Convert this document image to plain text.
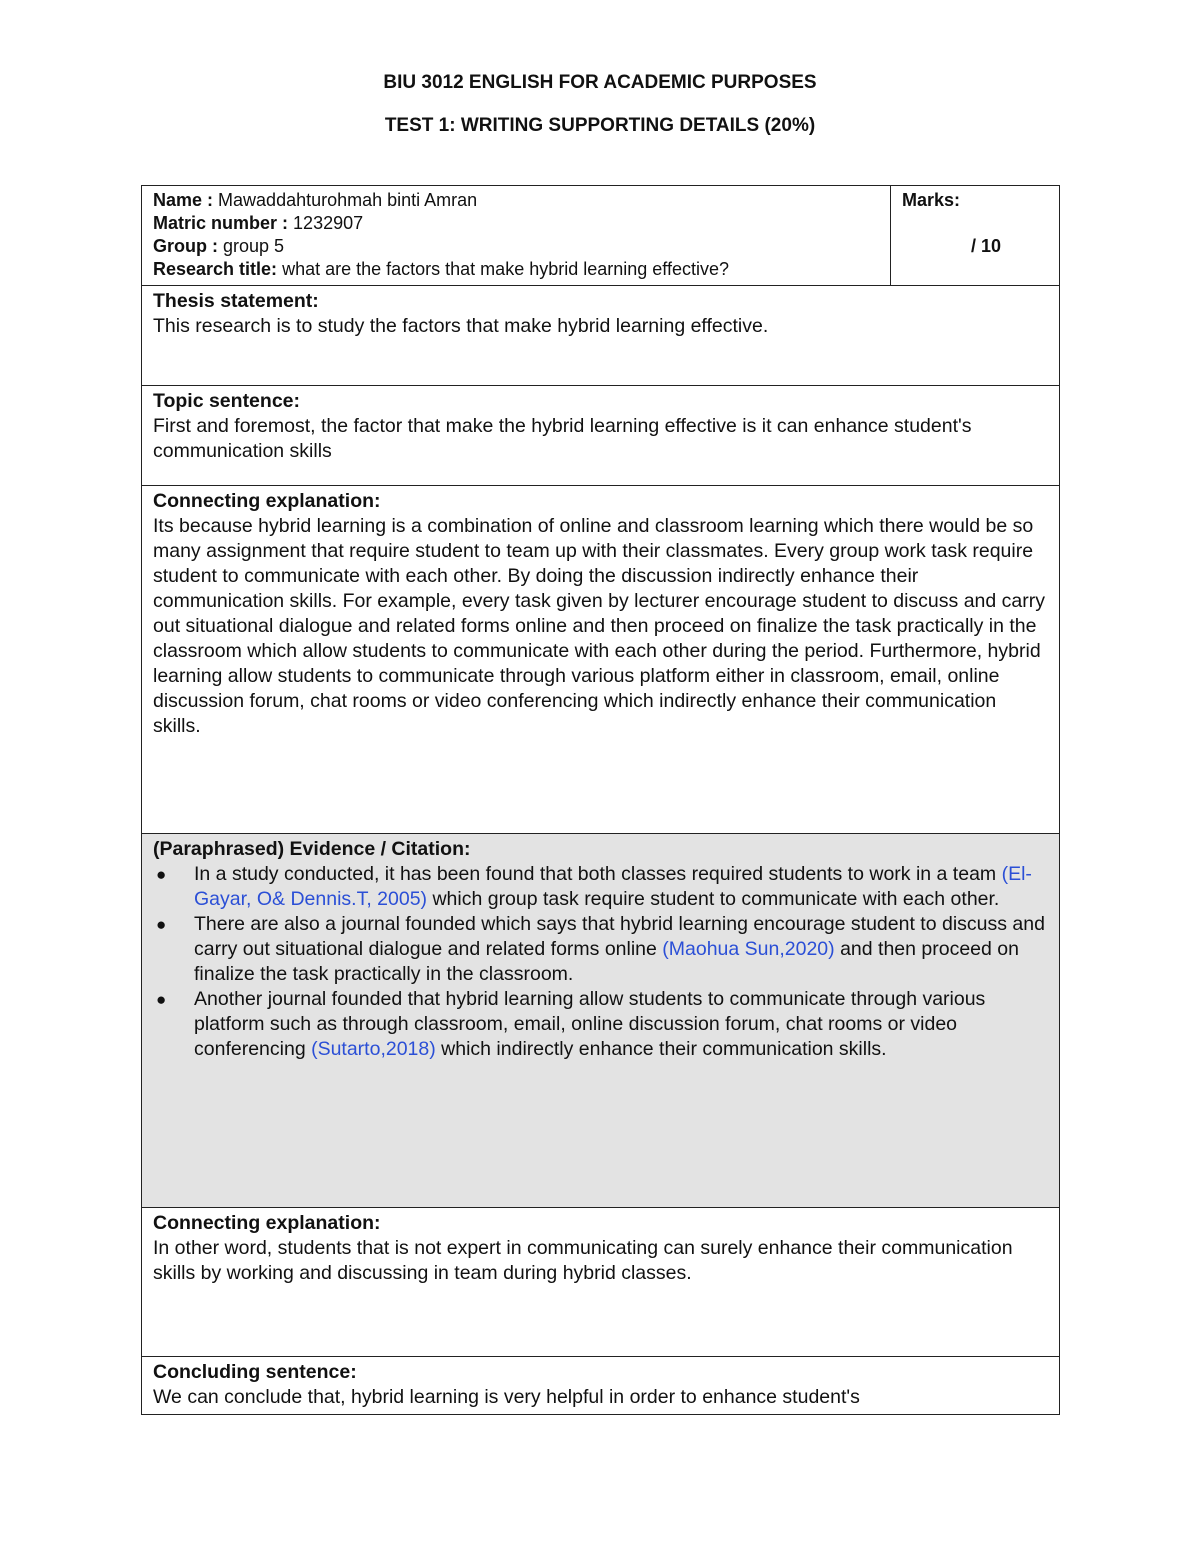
BIU 3012 ENGLISH FOR ACADEMIC PURPOSES
TEST 1: WRITING SUPPORTING DETAILS (20%)
Name : Mawaddahturohmah binti Amran
Matric number : 1232907
Group : group 5
Research title: what are the factors that make hybrid learning effective?

Marks:
/ 10

Thesis statement:
This research is to study the factors that make hybrid learning effective.

Topic sentence:
First and foremost, the factor that make the hybrid learning effective is it can enhance student's communication skills

Connecting explanation:
Its because hybrid learning is a combination of online and classroom learning which there would be so many assignment that require student to team up with their classmates. Every group work task require student to communicate with each other. By doing the discussion indirectly enhance their communication skills. For example, every task given by lecturer encourage student to discuss and carry out situational dialogue and related forms online and then proceed on finalize the task practically in the classroom which allow students to communicate with each other during the period. Furthermore, hybrid learning allow students to communicate through various platform either in classroom, email, online discussion forum, chat rooms or video conferencing which indirectly enhance their communication skills.

(Paraphrased) Evidence / Citation:
● In a study conducted, it has been found that both classes required students to work in a team (El-Gayar, O& Dennis.T, 2005) which group task require student to communicate with each other.
● There are also a journal founded which says that hybrid learning encourage student to discuss and carry out situational dialogue and related forms online (Maohua Sun,2020) and then proceed on finalize the task practically in the classroom.
● Another journal founded that hybrid learning allow students to communicate through various platform such as through classroom, email, online discussion forum, chat rooms or video conferencing (Sutarto,2018) which indirectly enhance their communication skills.

Connecting explanation:
In other word, students that is not expert in communicating can surely enhance their communication skills by working and discussing in team during hybrid classes.

Concluding sentence:
We can conclude that, hybrid learning is very helpful in order to enhance student's
